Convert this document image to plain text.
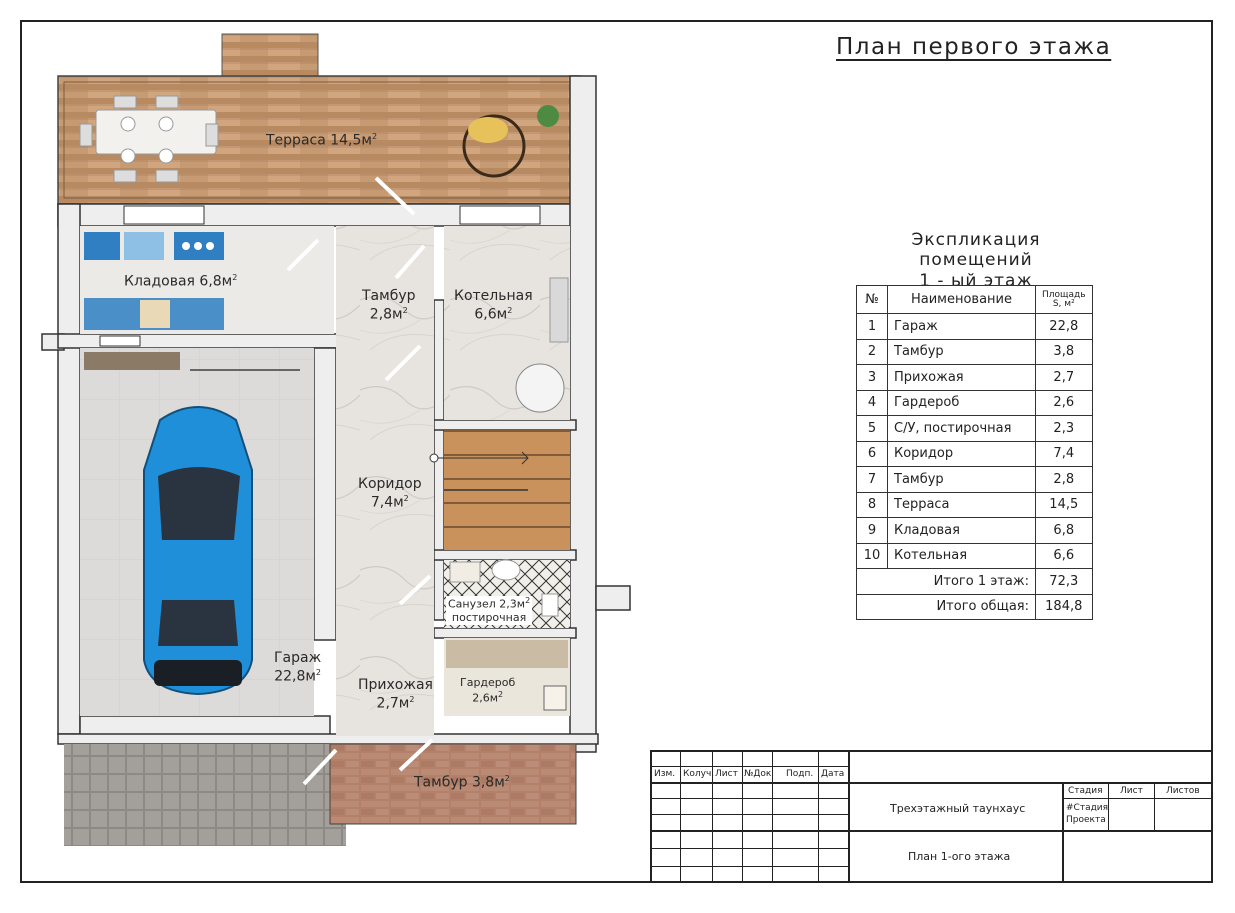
План первого этажа
Терраса $14,5м^2$
Кладовая $6,8м^2$
Тамбур
$2,8м^2$
Котельная
$6,6м^2$
Коридор
$7,4м^2$
Санузел $2,3м^2$
постирочная
Гараж
$22,8м^2$
Прихожая
$2,7м^2$
Гардероб
$2,6м^2$
Тамбур $3,8м^2$
Экспликация помещений
1 - ый этаж
№	Наименование	Площадь
S, м²

1	Гараж	22,8
2	Тамбур	3,8
3	Прихожая	2,7
4	Гардероб	2,6
5	С/У, постирочная	2,3
6	Коридор	7,4
7	Тамбур	2,8
8	Терраса	14,5
9	Кладовая	6,8
10	Котельная	6,6
Итого 1 этаж:		72,3
Итого общая:		184,8
Изм. Колуч. Лист №Док Подп. Дата
Стадия Лист	Листов
#Стадия
Проекта
Трехэтажный таунхаус
План 1-ого этажа
